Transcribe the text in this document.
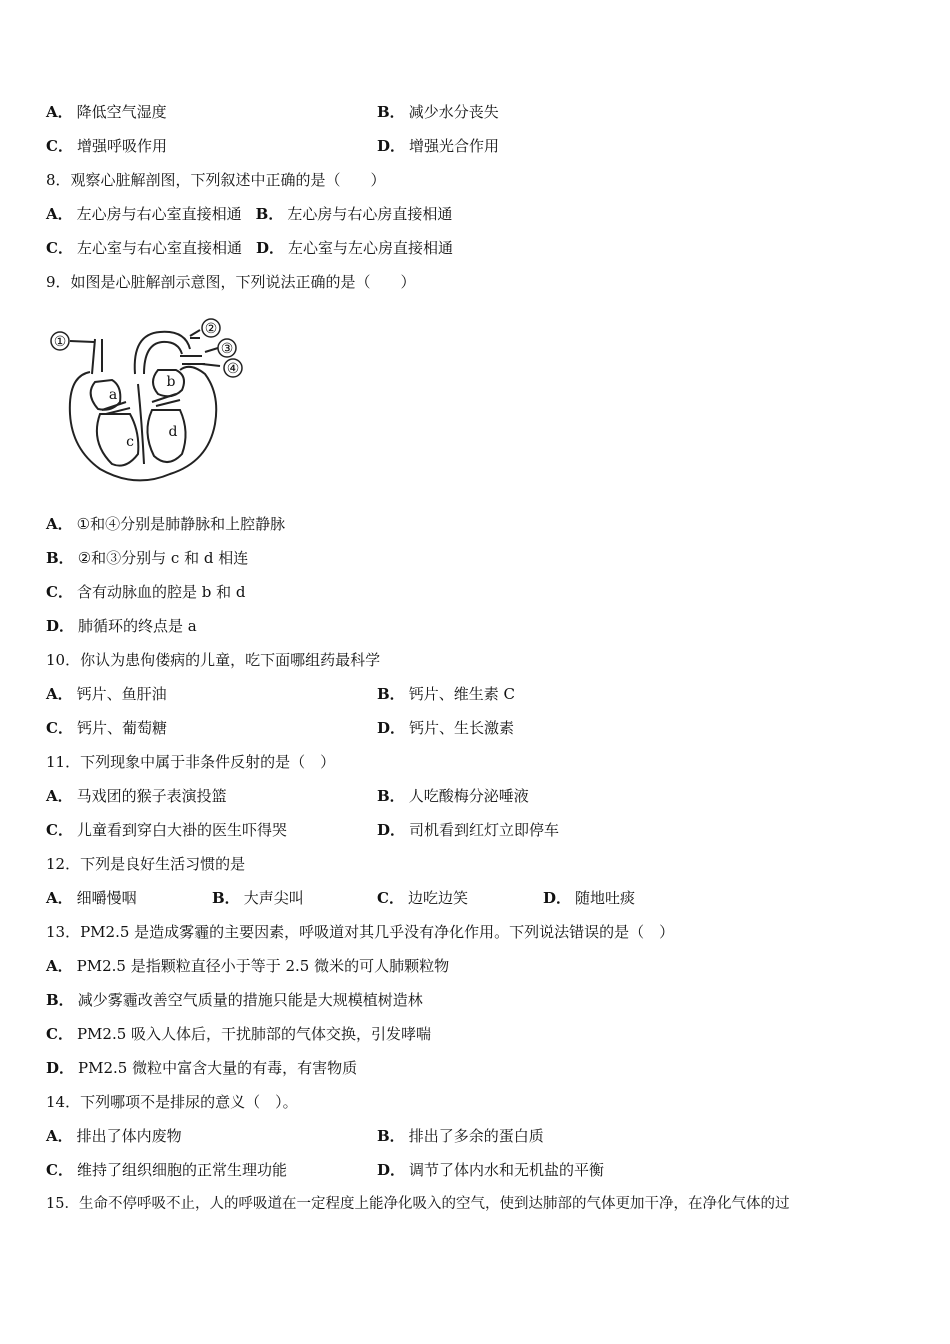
A． 降低空气湿度	B． 减少水分丧失
C． 增强呼吸作用	D． 增强光合作用
8．观察心脏解剖图，下列叙述中正确的是（　　）
A． 左心房与右心室直接相通 B． 左心房与右心房直接相通
C． 左心室与右心室直接相通 D． 左心室与左心房直接相通
9．如图是心脏解剖示意图，下列说法正确的是（　　）
①
②
③
④
a
b
c
d
A． ①和④分别是肺静脉和上腔静脉
B． ②和③分别与 c 和 d 相连
C． 含有动脉血的腔是 b 和 d
D． 肺循环的终点是 a
10．你认为患佝偻病的儿童，吃下面哪组药最科学
A． 钙片、鱼肝油	B． 钙片、维生素 C
C． 钙片、葡萄糖	D． 钙片、生长激素
11．下列现象中属于非条件反射的是（　）
A． 马戏团的猴子表演投篮	B． 人吃酸梅分泌唾液
C． 儿童看到穿白大褂的医生吓得哭	D． 司机看到红灯立即停车
12．下列是良好生活习惯的是
A． 细嚼慢咽	B． 大声尖叫	C． 边吃边笑	D． 随地吐痰
13．PM2.5 是造成雾霾的主要因素，呼吸道对其几乎没有净化作用。下列说法错误的是（　）
A． PM2.5 是指颗粒直径小于等于 2.5 微米的可人肺颗粒物
B． 减少雾霾改善空气质量的措施只能是大规模植树造林
C． PM2.5 吸入人体后，干扰肺部的气体交换，引发哮喘
D． PM2.5 微粒中富含大量的有毒，有害物质
14．下列哪项不是排尿的意义（　）。
A． 排出了体内废物	B． 排出了多余的蛋白质
C． 维持了组织细胞的正常生理功能	D． 调节了体内水和无机盐的平衡
15．生命不停呼吸不止，人的呼吸道在一定程度上能净化吸入的空气，使到达肺部的气体更加干净，在净化气体的过
